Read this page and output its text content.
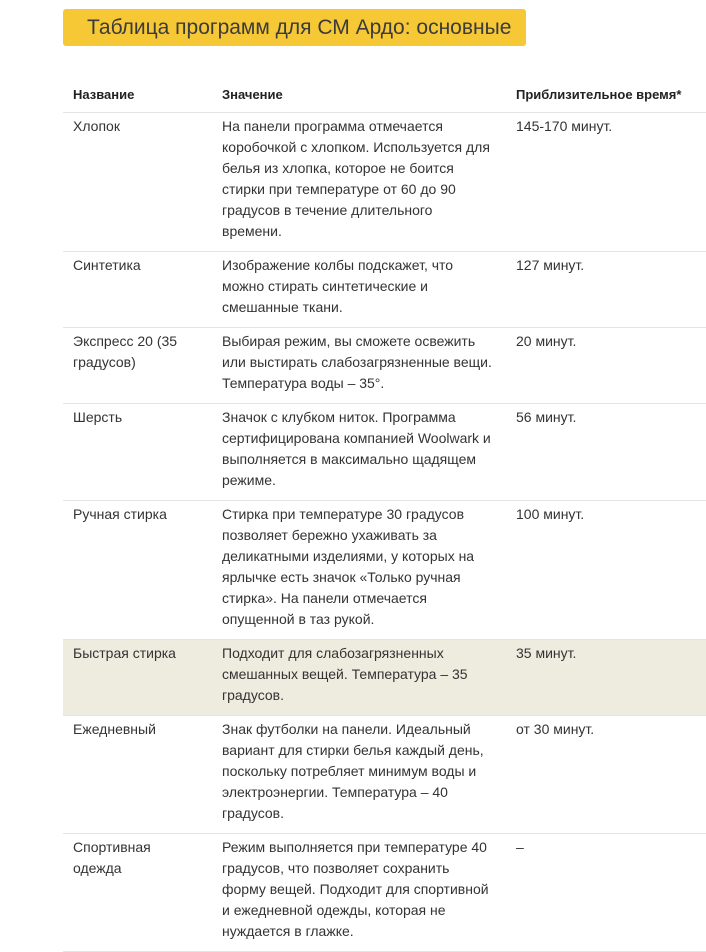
Таблица программ для СМ Ардо: основные
Название	Значение	Приблизительное время*
Хлопок	На панели программа отмечается коробочкой с хлопком. Используется для белья из хлопка, которое не боится стирки при температуре от 60 до 90 градусов в течение длительного времени.	145-170 минут.
Синтетика	Изображение колбы подскажет, что можно стирать синтетические и смешанные ткани.	127 минут.
Экспресс 20 (35 градусов)	Выбирая режим, вы сможете освежить или выстирать слабозагрязненные вещи. Температура воды – 35°.	20 минут.
Шерсть	Значок с клубком ниток. Программа сертифицирована компанией Woolwark и выполняется в максимально щадящем режиме.	56 минут.
Ручная стирка	Стирка при температуре 30 градусов позволяет бережно ухаживать за деликатными изделиями, у которых на ярлычке есть значок «Только ручная стирка». На панели отмечается опущенной в таз рукой.	100 минут.
Быстрая стирка	Подходит для слабозагрязненных смешанных вещей. Температура – 35 градусов.	35 минут.
Ежедневный	Знак футболки на панели. Идеальный вариант для стирки белья каждый день, поскольку потребляет минимум воды и электроэнергии. Температура – 40 градусов.	от 30 минут.
Спортивная одежда	Режим выполняется при температуре 40 градусов, что позволяет сохранить форму вещей. Подходит для спортивной и ежедневной одежды, которая не нуждается в глажке.	–
